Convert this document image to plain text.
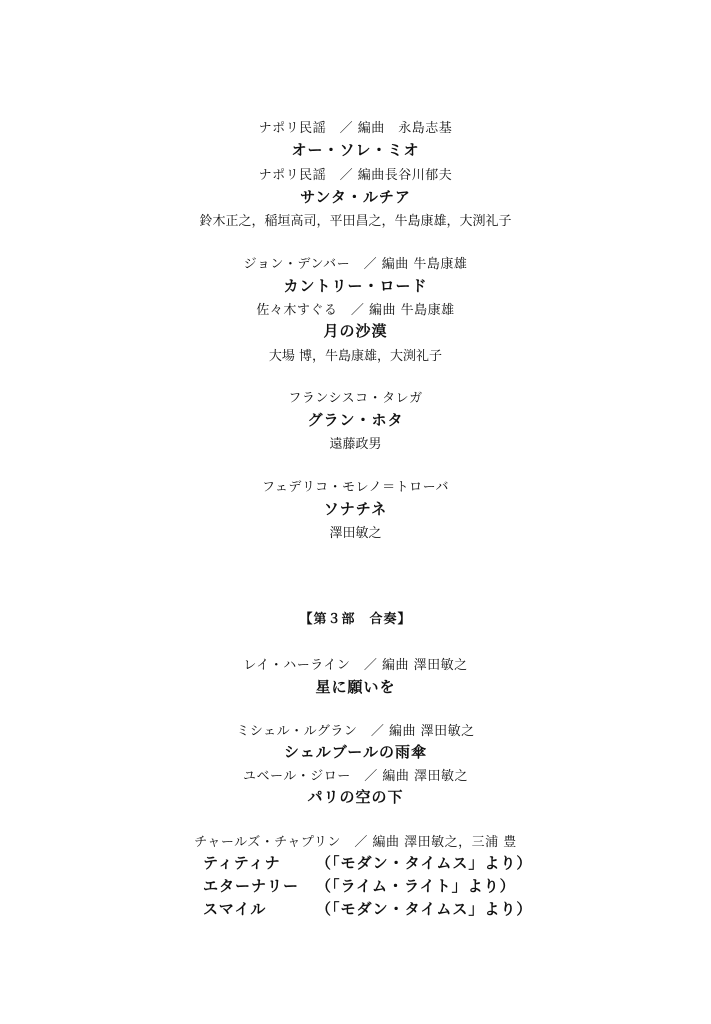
ナポリ民謡　／ 編曲　永島志基
オー・ソレ・ミオ
ナポリ民謡　／ 編曲長谷川郁夫
サンタ・ルチア
鈴木正之，稲垣高司，平田昌之，牛島康雄，大渕礼子
ジョン・デンバー　／ 編曲 牛島康雄
カントリー・ロード
佐々木すぐる　／ 編曲 牛島康雄
月の沙漠
大場 博，牛島康雄，大渕礼子
フランシスコ・タレガ
グラン・ホタ
遠藤政男
フェデリコ・モレノ＝トローバ
ソナチネ
澤田敏之
【第３部　合奏】
レイ・ハーライン　／ 編曲 澤田敏之
星に願いを
ミシェル・ルグラン　／ 編曲 澤田敏之
シェルブールの雨傘
ユベール・ジロー　／ 編曲 澤田敏之
パリの空の下
チャールズ・チャプリン　／ 編曲 澤田敏之，三浦 豊
ティティナ （「モダン・タイムス」より）
エターナリー （「ライム・ライト」より）
スマイル	（「モダン・タイムス」より）
